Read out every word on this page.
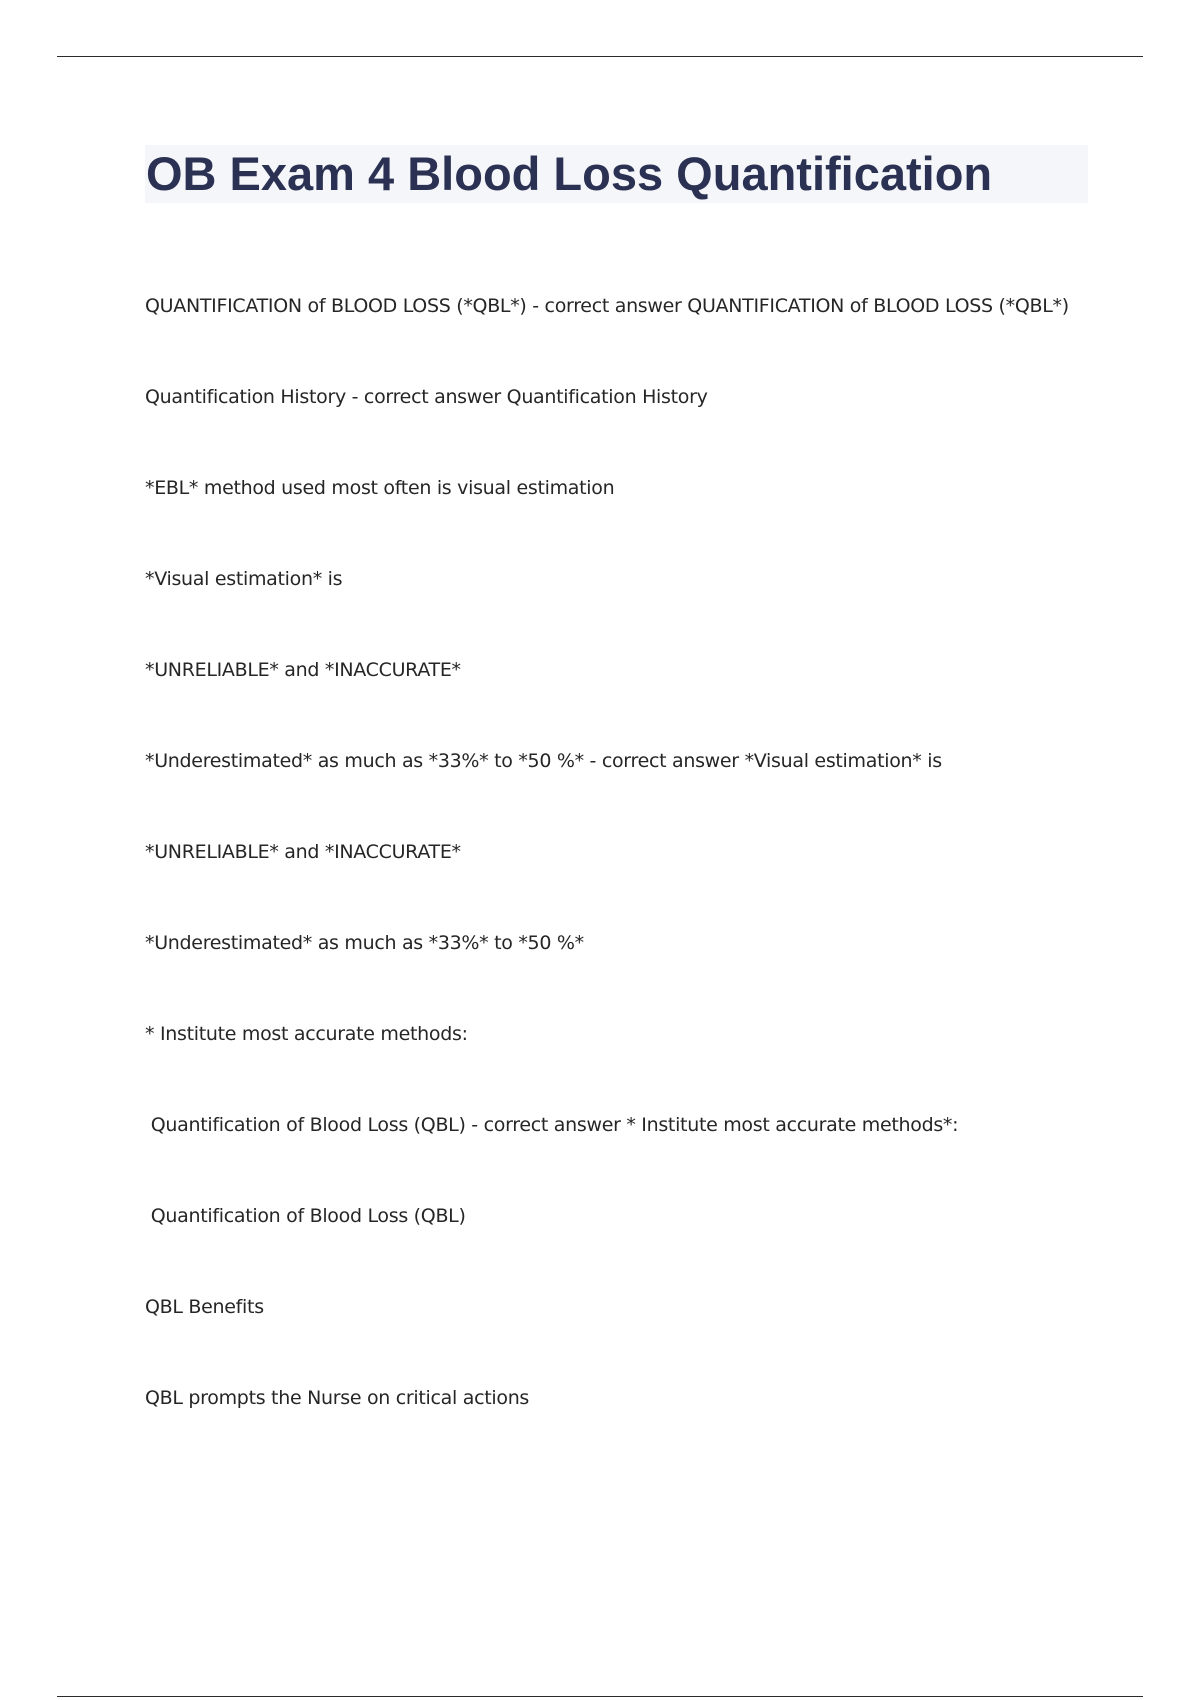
OB Exam 4 Blood Loss Quantification
QUANTIFICATION of BLOOD LOSS (*QBL*) - correct answer QUANTIFICATION of BLOOD LOSS (*QBL*)
Quantification History - correct answer Quantification History
*EBL* method used most often is visual estimation
*Visual estimation* is
*UNRELIABLE* and *INACCURATE*
*Underestimated* as much as *33%* to *50 %* - correct answer *Visual estimation* is
*UNRELIABLE* and *INACCURATE*
*Underestimated* as much as *33%* to *50 %*
* Institute most accurate methods:
Quantification of Blood Loss (QBL) - correct answer * Institute most accurate methods*:
Quantification of Blood Loss (QBL)
QBL Benefits
QBL prompts the Nurse on critical actions
